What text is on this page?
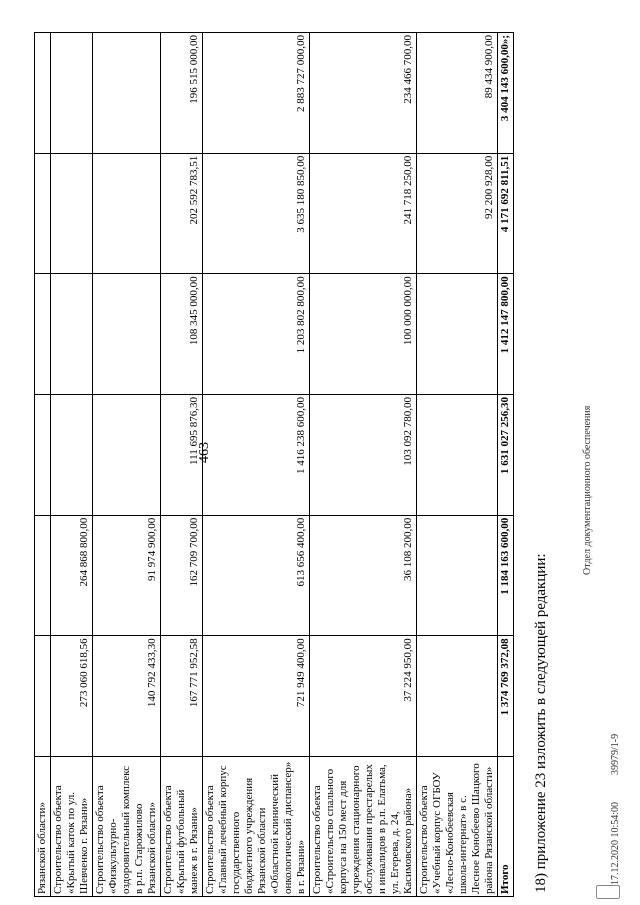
463
Рязанской области»						
Строительство объекта «Крытый каток по ул. Шевченко г. Рязани»	273 060 618,56	264 868 800,00				
Строительство объекта «Физкультурно-оздоровительный комплекс в р.п. Старожилово Рязанской области»	140 792 433,30	91 974 900,00				
Строительство объекта «Крытый футбольный манеж в г. Рязани»	167 771 952,58	162 709 700,00	111 695 876,30	108 345 000,00	202 592 783,51	196 515 000,00
Строительство объекта «Главный лечебный корпус государственного бюджетного учреждения Рязанской области «Областной клинический онкологический диспансер» в г. Рязани»	721 949 400,00	613 656 400,00	1 416 238 600,00	1 203 802 800,00	3 635 180 850,00	2 883 727 000,00
Строительство объекта «Строительство спального корпуса на 150 мест для учреждения стационарного обслуживания престарелых и инвалидов в р.п. Елатьма, ул. Егерева, д. 24, Касимовского района»	37 224 950,00	36 108 200,00	103 092 780,00	100 000 000,00	241 718 250,00	234 466 700,00
Строительство объекта «Учебный корпус ОГБОУ «Лесно-Конобеевская школа-интернат» в с. Лесное Конобеево Шацкого района Рязанской области»					92 200 928,00	89 434 900,00
Итого	1 374 769 372,08	1 184 163 600,00	1 631 027 256,30	1 412 147 800,00	4 171 692 811,51	3 404 143 600,00»;
18) приложение 23 изложить в следующей редакции:	17.12.2020 10:54:00
39979/1-9
Отдел документационного обеспечения
